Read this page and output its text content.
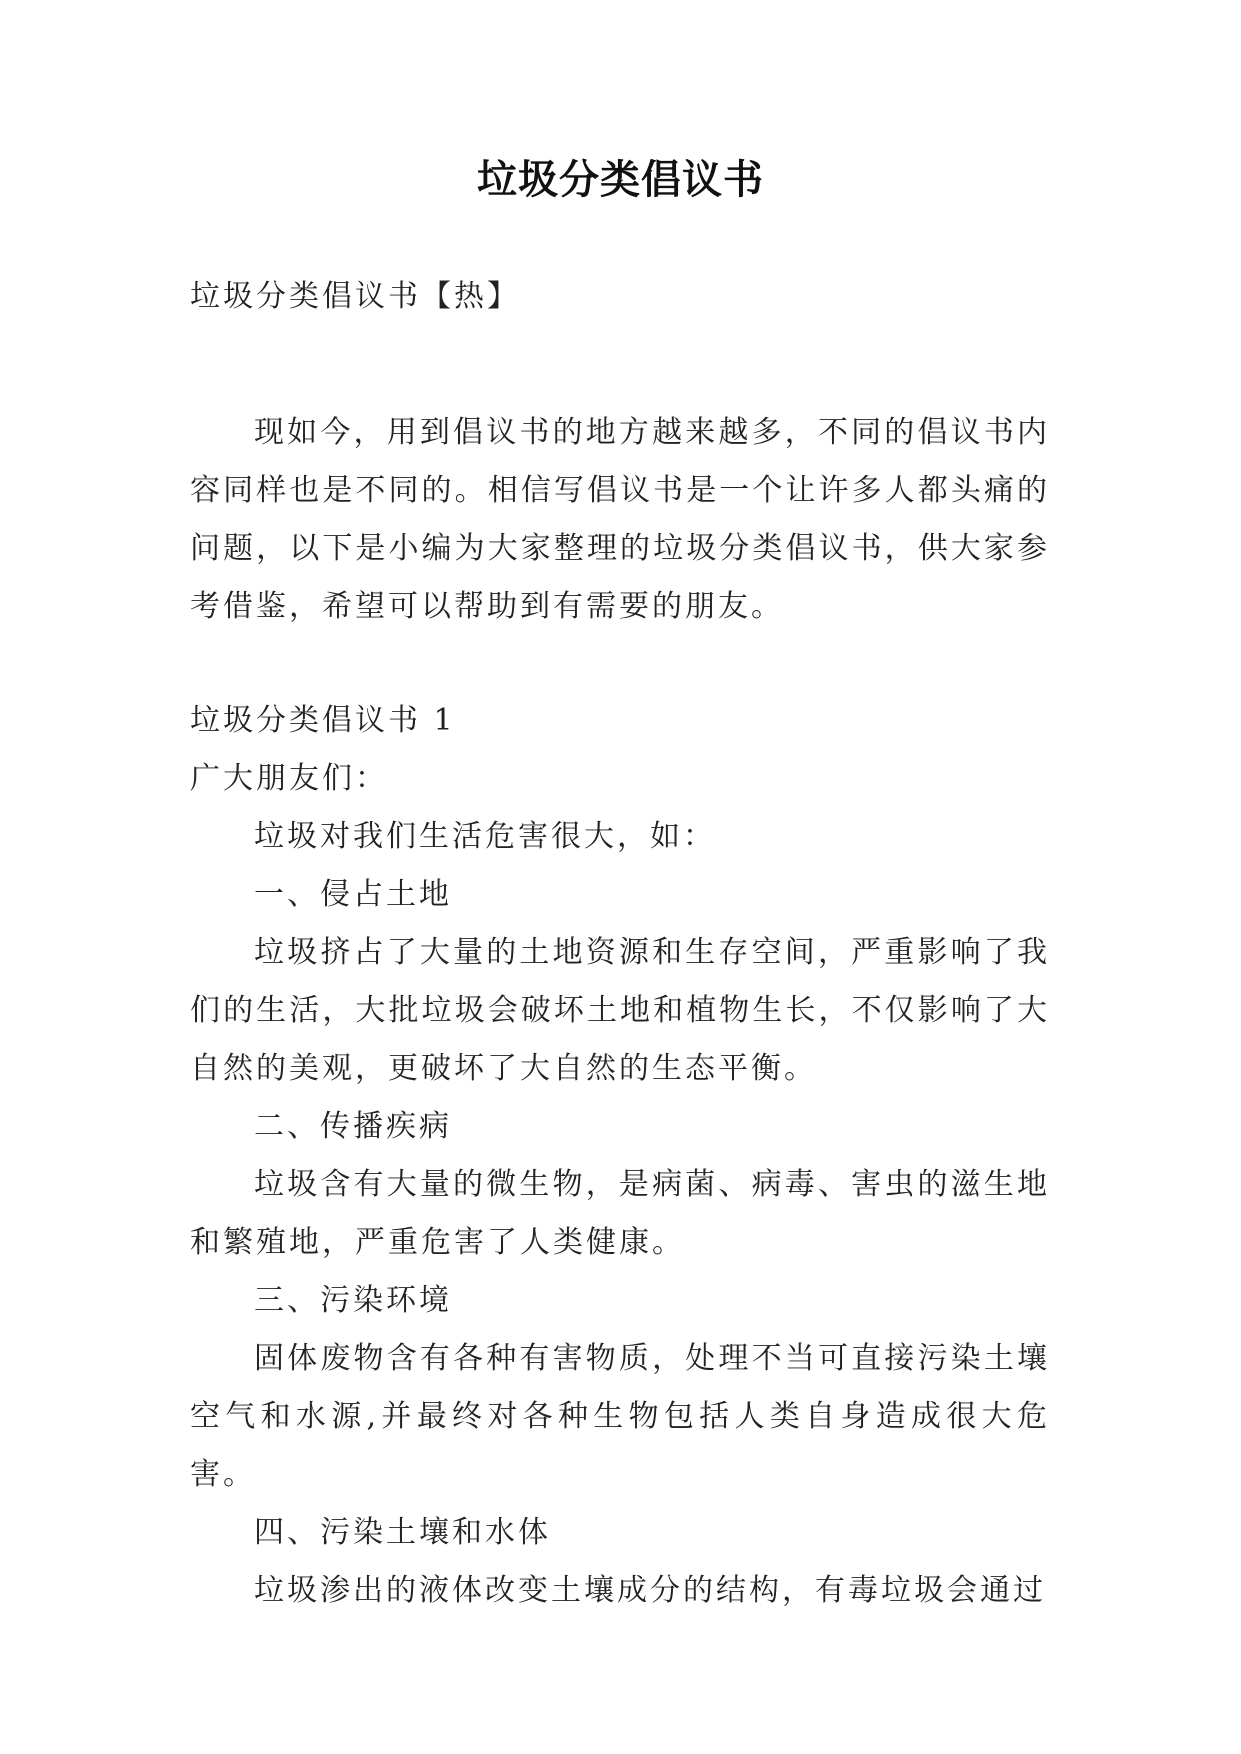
垃圾分类倡议书
垃圾分类倡议书【热】

现如今，用到倡议书的地方越来越多，不同的倡议书内容同样也是不同的。相信写倡议书是一个让许多人都头痛的问题，以下是小编为大家整理的垃圾分类倡议书，供大家参考借鉴，希望可以帮助到有需要的朋友。

垃圾分类倡议书 1

广大朋友们：

垃圾对我们生活危害很大，如：

一、侵占土地

垃圾挤占了大量的土地资源和生存空间，严重影响了我们的生活，大批垃圾会破坏土地和植物生长，不仅影响了大自然的美观，更破坏了大自然的生态平衡。

二、传播疾病

垃圾含有大量的微生物，是病菌、病毒、害虫的滋生地和繁殖地，严重危害了人类健康。

三、污染环境

固体废物含有各种有害物质，处理不当可直接污染土壤空气和水源,并最终对各种生物包括人类自身造成很大危害。

四、污染土壤和水体

垃圾渗出的液体改变土壤成分的结构，有毒垃圾会通过
